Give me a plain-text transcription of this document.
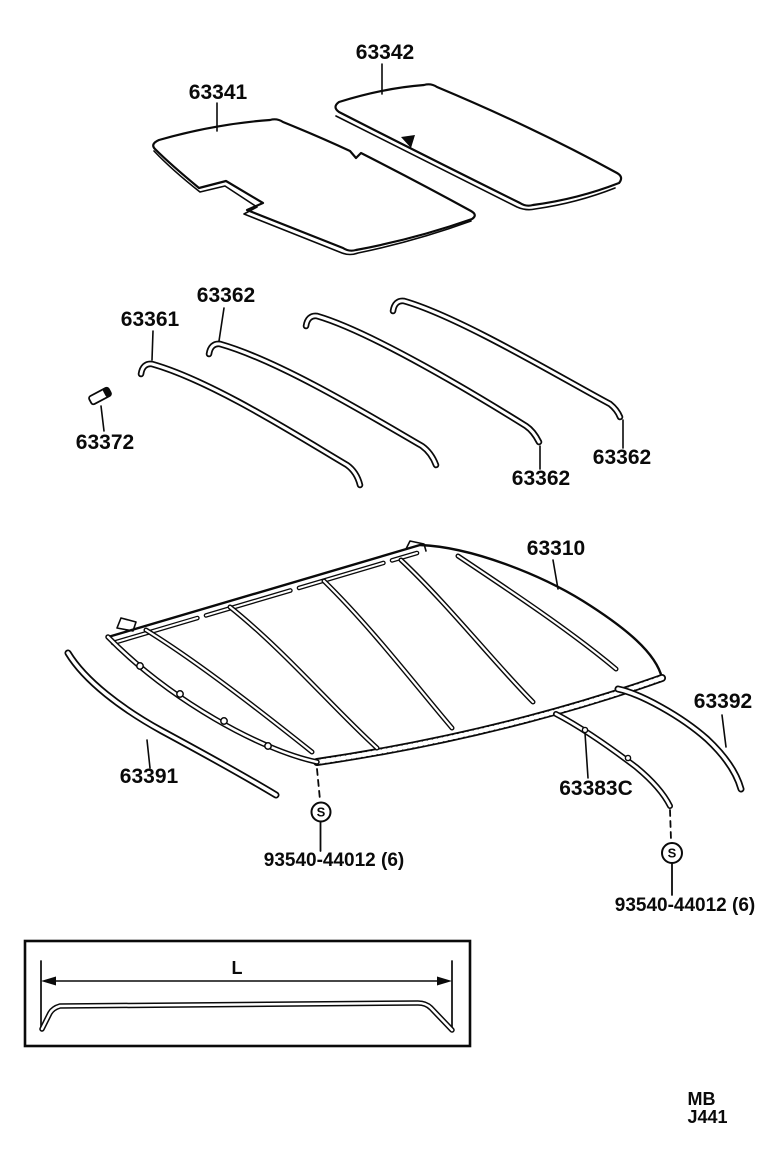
63342
63341
63362
63361
63372
63362
63362
63310
63391
63392
63383C
93540-44012 (6)
93540-44012 (6)
S
S
L
MB J441
